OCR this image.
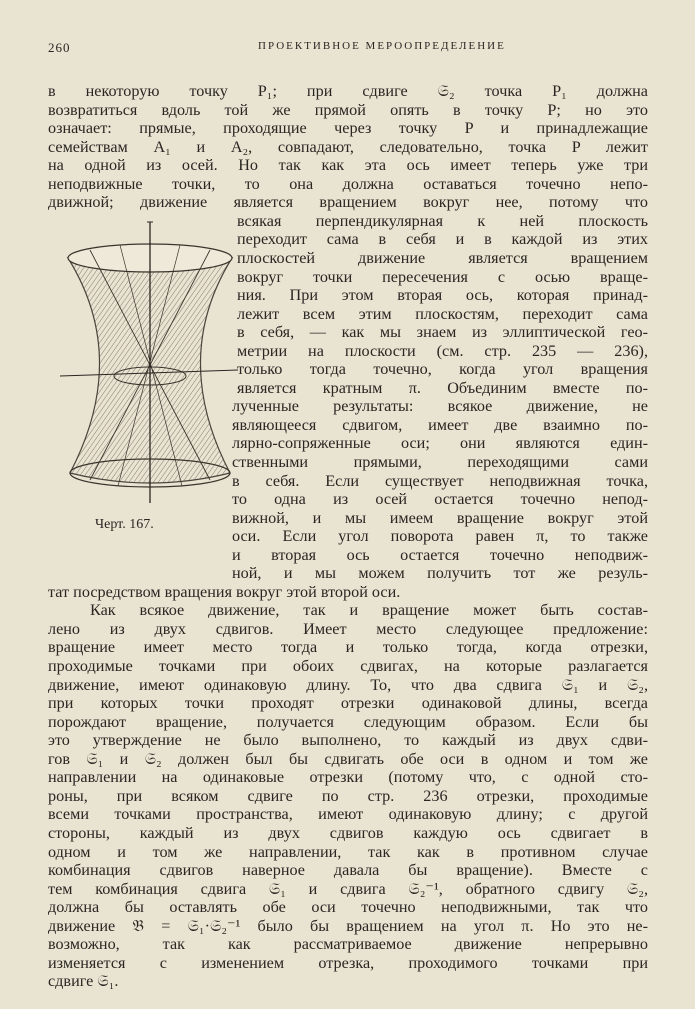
260	ПРОЕКТИВНОЕ МЕРООПРЕДЕЛЕНИЕ
Черт. 167.
в некоторую точку P₁; при сдвиге 𝔖₂ точка P₁ должна
возвратиться вдоль той же прямой опять в точку P; но это
означает: прямые, проходящие через точку P и принадлежащие
семействам A₁ и A₂, совпадают, следовательно, точка P лежит
на одной из осей. Но так как эта ось имеет теперь уже три
неподвижные точки, то она должна оставаться точечно непо-
движной; движение является вращением вокруг нее, потому что
всякая перпендикулярная к ней плоскость
переходит сама в себя и в каждой из этих
плоскостей движение является вращением
вокруг точки пересечения с осью враще-
ния. При этом вторая ось, которая принад-
лежит всем этим плоскостям, переходит сама
в себя, — как мы знаем из эллиптической гео-
метрии на плоскости (см. стр. 235 — 236),
только тогда точечно, когда угол вращения
является кратным π. Объединим вместе по-
лученные результаты: всякое движение, не
являющееся сдвигом, имеет две взаимно по-
лярно-сопряженные оси; они являются един-
ственными прямыми, переходящими сами
в себя. Если существует неподвижная точка,
то одна из осей остается точечно непод-
вижной, и мы имеем вращение вокруг этой
оси. Если угол поворота равен π, то также
и вторая ось остается точечно неподвиж-
ной, и мы можем получить тот же резуль-
тат посредством вращения вокруг этой второй оси.
Как всякое движение, так и вращение может быть состав-
лено из двух сдвигов. Имеет место следующее предложение:
вращение имеет место тогда и только тогда, когда отрезки,
проходимые точками при обоих сдвигах, на которые разлагается
движение, имеют одинаковую длину. То, что два сдвига 𝔖₁ и 𝔖₂,
при которых точки проходят отрезки одинаковой длины, всегда
порождают вращение, получается следующим образом. Если бы
это утверждение не было выполнено, то каждый из двух сдви-
гов 𝔖₁ и 𝔖₂ должен был бы сдвигать обе оси в одном и том же
направлении на одинаковые отрезки (потому что, с одной сто-
роны, при всяком сдвиге по стр. 236 отрезки, проходимые
всеми точками пространства, имеют одинаковую длину; с другой
стороны, каждый из двух сдвигов каждую ось сдвигает в
одном и том же направлении, так как в противном случае
комбинация сдвигов наверное давала бы вращение). Вместе с
тем комбинация сдвига 𝔖₁ и сдвига 𝔖₂⁻¹, обратного сдвигу 𝔖₂,
должна бы оставлять обе оси точечно неподвижными, так что
движение 𝔅 = 𝔖₁·𝔖₂⁻¹ было бы вращением на угол π. Но это не-
возможно, так как рассматриваемое движение непрерывно
изменяется с изменением отрезка, проходимого точками при
сдвиге 𝔖₁.
